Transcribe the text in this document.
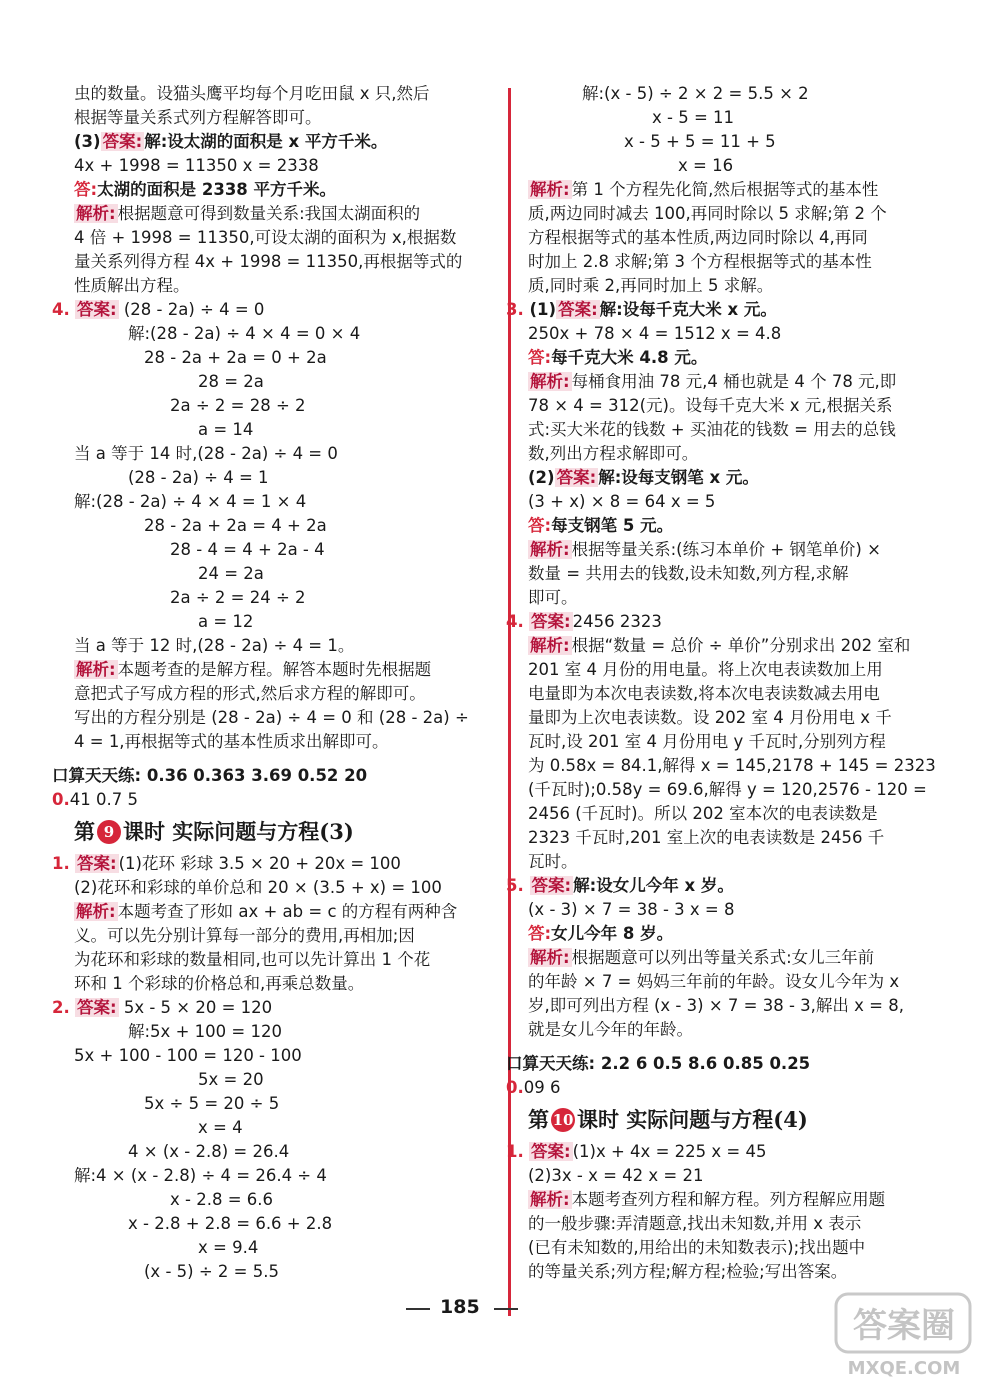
虫的数量。设猫头鹰平均每个月吃田鼠 x 只,然后
根据等量关系式列方程解答即可。
(3) 答案: 解:设太湖的面积是 x 平方千米。
4x + 1998 = 11350 x = 2338
答:太湖的面积是 2338 平方千米。
解析: 根据题意可得到数量关系:我国太湖面积的
4 倍 + 1998 = 11350,可设太湖的面积为 x,根据数
量关系列得方程 4x + 1998 = 11350,再根据等式的
性质解出方程。
4. 答案: (28 - 2a) ÷ 4 = 0
解:(28 - 2a) ÷ 4 × 4 = 0 × 4
28 - 2a + 2a = 0 + 2a
28 = 2a
2a ÷ 2 = 28 ÷ 2
a = 14
当 a 等于 14 时,(28 - 2a) ÷ 4 = 0
(28 - 2a) ÷ 4 = 1
解:(28 - 2a) ÷ 4 × 4 = 1 × 4
28 - 2a + 2a = 4 + 2a
28 - 4 = 4 + 2a - 4
24 = 2a
2a ÷ 2 = 24 ÷ 2
a = 12
当 a 等于 12 时,(28 - 2a) ÷ 4 = 1。
解析: 本题考查的是解方程。解答本题时先根据题
意把式子写成方程的形式,然后求方程的解即可。
写出的方程分别是 (28 - 2a) ÷ 4 = 0 和 (28 - 2a) ÷
4 = 1,再根据等式的基本性质求出解即可。
口算天天练: 0.36 0.363 3.69 0.52 20
0.41 0.7 5
第 9 课时 实际问题与方程(3)
1. 答案: (1)花环 彩球 3.5 × 20 + 20x = 100
(2)花环和彩球的单价总和 20 × (3.5 + x) = 100
解析: 本题考查了形如 ax + ab = c 的方程有两种含
义。可以先分别计算每一部分的费用,再相加;因
为花环和彩球的数量相同,也可以先计算出 1 个花
环和 1 个彩球的价格总和,再乘总数量。
2. 答案: 5x - 5 × 20 = 120
解:5x + 100 = 120
5x + 100 - 100 = 120 - 100
5x = 20
5x ÷ 5 = 20 ÷ 5
x = 4
4 × (x - 2.8) = 26.4
解:4 × (x - 2.8) ÷ 4 = 26.4 ÷ 4
x - 2.8 = 6.6
x - 2.8 + 2.8 = 6.6 + 2.8
x = 9.4
(x - 5) ÷ 2 = 5.5
解:(x - 5) ÷ 2 × 2 = 5.5 × 2
x - 5 = 11
x - 5 + 5 = 11 + 5
x = 16
解析: 第 1 个方程先化简,然后根据等式的基本性
质,两边同时减去 100,再同时除以 5 求解;第 2 个
方程根据等式的基本性质,两边同时除以 4,再同
时加上 2.8 求解;第 3 个方程根据等式的基本性
质,同时乘 2,再同时加上 5 求解。
3. (1) 答案: 解:设每千克大米 x 元。
250x + 78 × 4 = 1512 x = 4.8
答:每千克大米 4.8 元。
解析: 每桶食用油 78 元,4 桶也就是 4 个 78 元,即
78 × 4 = 312(元)。设每千克大米 x 元,根据关系
式:买大米花的钱数 + 买油花的钱数 = 用去的总钱
数,列出方程求解即可。
(2) 答案: 解:设每支钢笔 x 元。
(3 + x) × 8 = 64 x = 5
答:每支钢笔 5 元。
解析: 根据等量关系:(练习本单价 + 钢笔单价) ×
数量 = 共用去的钱数,设未知数,列方程,求解
即可。
4. 答案: 2456 2323
解析: 根据“数量 = 总价 ÷ 单价”分别求出 202 室和
201 室 4 月份的用电量。将上次电表读数加上用
电量即为本次电表读数,将本次电表读数减去用电
量即为上次电表读数。设 202 室 4 月份用电 x 千
瓦时,设 201 室 4 月份用电 y 千瓦时,分别列方程
为 0.58x = 84.1,解得 x = 145,2178 + 145 = 2323
(千瓦时);0.58y = 69.6,解得 y = 120,2576 - 120 =
2456 (千瓦时)。所以 202 室本次的电表读数是
2323 千瓦时,201 室上次的电表读数是 2456 千
瓦时。
5. 答案: 解:设女儿今年 x 岁。
(x - 3) × 7 = 38 - 3 x = 8
答:女儿今年 8 岁。
解析: 根据题意可以列出等量关系式:女儿三年前
的年龄 × 7 = 妈妈三年前的年龄。设女儿今年为 x
岁,即可列出方程 (x - 3) × 7 = 38 - 3,解出 x = 8,
就是女儿今年的年龄。
口算天天练: 2.2 6 0.5 8.6 0.85 0.25
0.09 6
第 10 课时 实际问题与方程(4)
1. 答案: (1)x + 4x = 225 x = 45
(2)3x - x = 42 x = 21
解析: 本题考查列方程和解方程。列方程解应用题
的一般步骤:弄清题意,找出未知数,并用 x 表示
(已有未知数的,用给出的未知数表示);找出题中
的等量关系;列方程;解方程;检验;写出答案。
185	答案圈
MXQE.COM
